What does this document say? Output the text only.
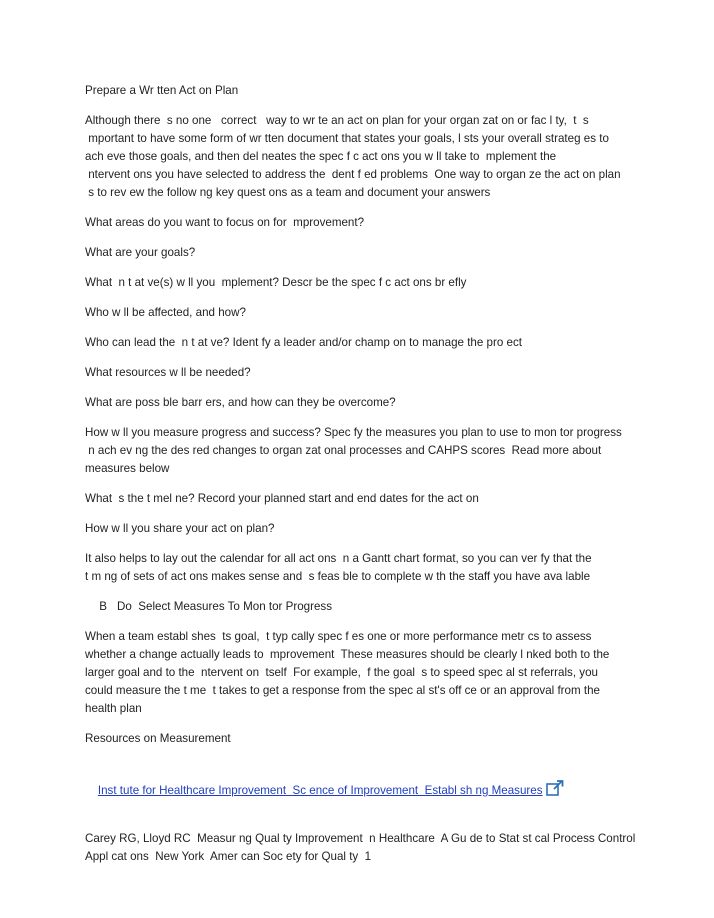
Prepare a Wr tten Act on Plan
Although there  s no one   correct   way to wr te an act on plan for your organ zat on or fac l ty,  t  s
mportant to have some form of wr tten document that states your goals, l sts your overall strateg es to
ach eve those goals, and then del neates the spec f c act ons you w ll take to  mplement the
ntervent ons you have selected to address the  dent f ed problems  One way to organ ze the act on plan
s to rev ew the follow ng key quest ons as a team and document your answers
What areas do you want to focus on for  mprovement?
What are your goals?
What  n t at ve(s) w ll you  mplement? Descr be the spec f c act ons br efly
Who w ll be affected, and how?
Who can lead the  n t at ve? Ident fy a leader and/or champ on to manage the pro ect
What resources w ll be needed?
What are poss ble barr ers, and how can they be overcome?
How w ll you measure progress and success? Spec fy the measures you plan to use to mon tor progress
n ach ev ng the des red changes to organ zat onal processes and CAHPS scores  Read more about
measures below
What  s the t mel ne? Record your planned start and end dates for the act on
How w ll you share your act on plan?
It also helps to lay out the calendar for all act ons  n a Gantt chart format, so you can ver fy that the
t m ng of sets of act ons makes sense and  s feas ble to complete w th the staff you have ava lable
B Do  Select Measures To Mon tor Progress
When a team establ shes  ts goal,  t typ cally spec f es one or more performance metr cs to assess
whether a change actually leads to  mprovement  These measures should be clearly l nked both to the
larger goal and to the  ntervent on  tself  For example,  f the goal  s to speed spec al st referrals, you
could measure the t me  t takes to get a response from the spec al st's off ce or an approval from the
health plan
Resources on Measurement

Inst tute for Healthcare Improvement  Sc ence of Improvement  Establ sh ng Measures

Carey RG, Lloyd RC  Measur ng Qual ty Improvement  n Healthcare  A Gu de to Stat st cal Process Control
Appl cat ons  New York  Amer can Soc ety for Qual ty  1
